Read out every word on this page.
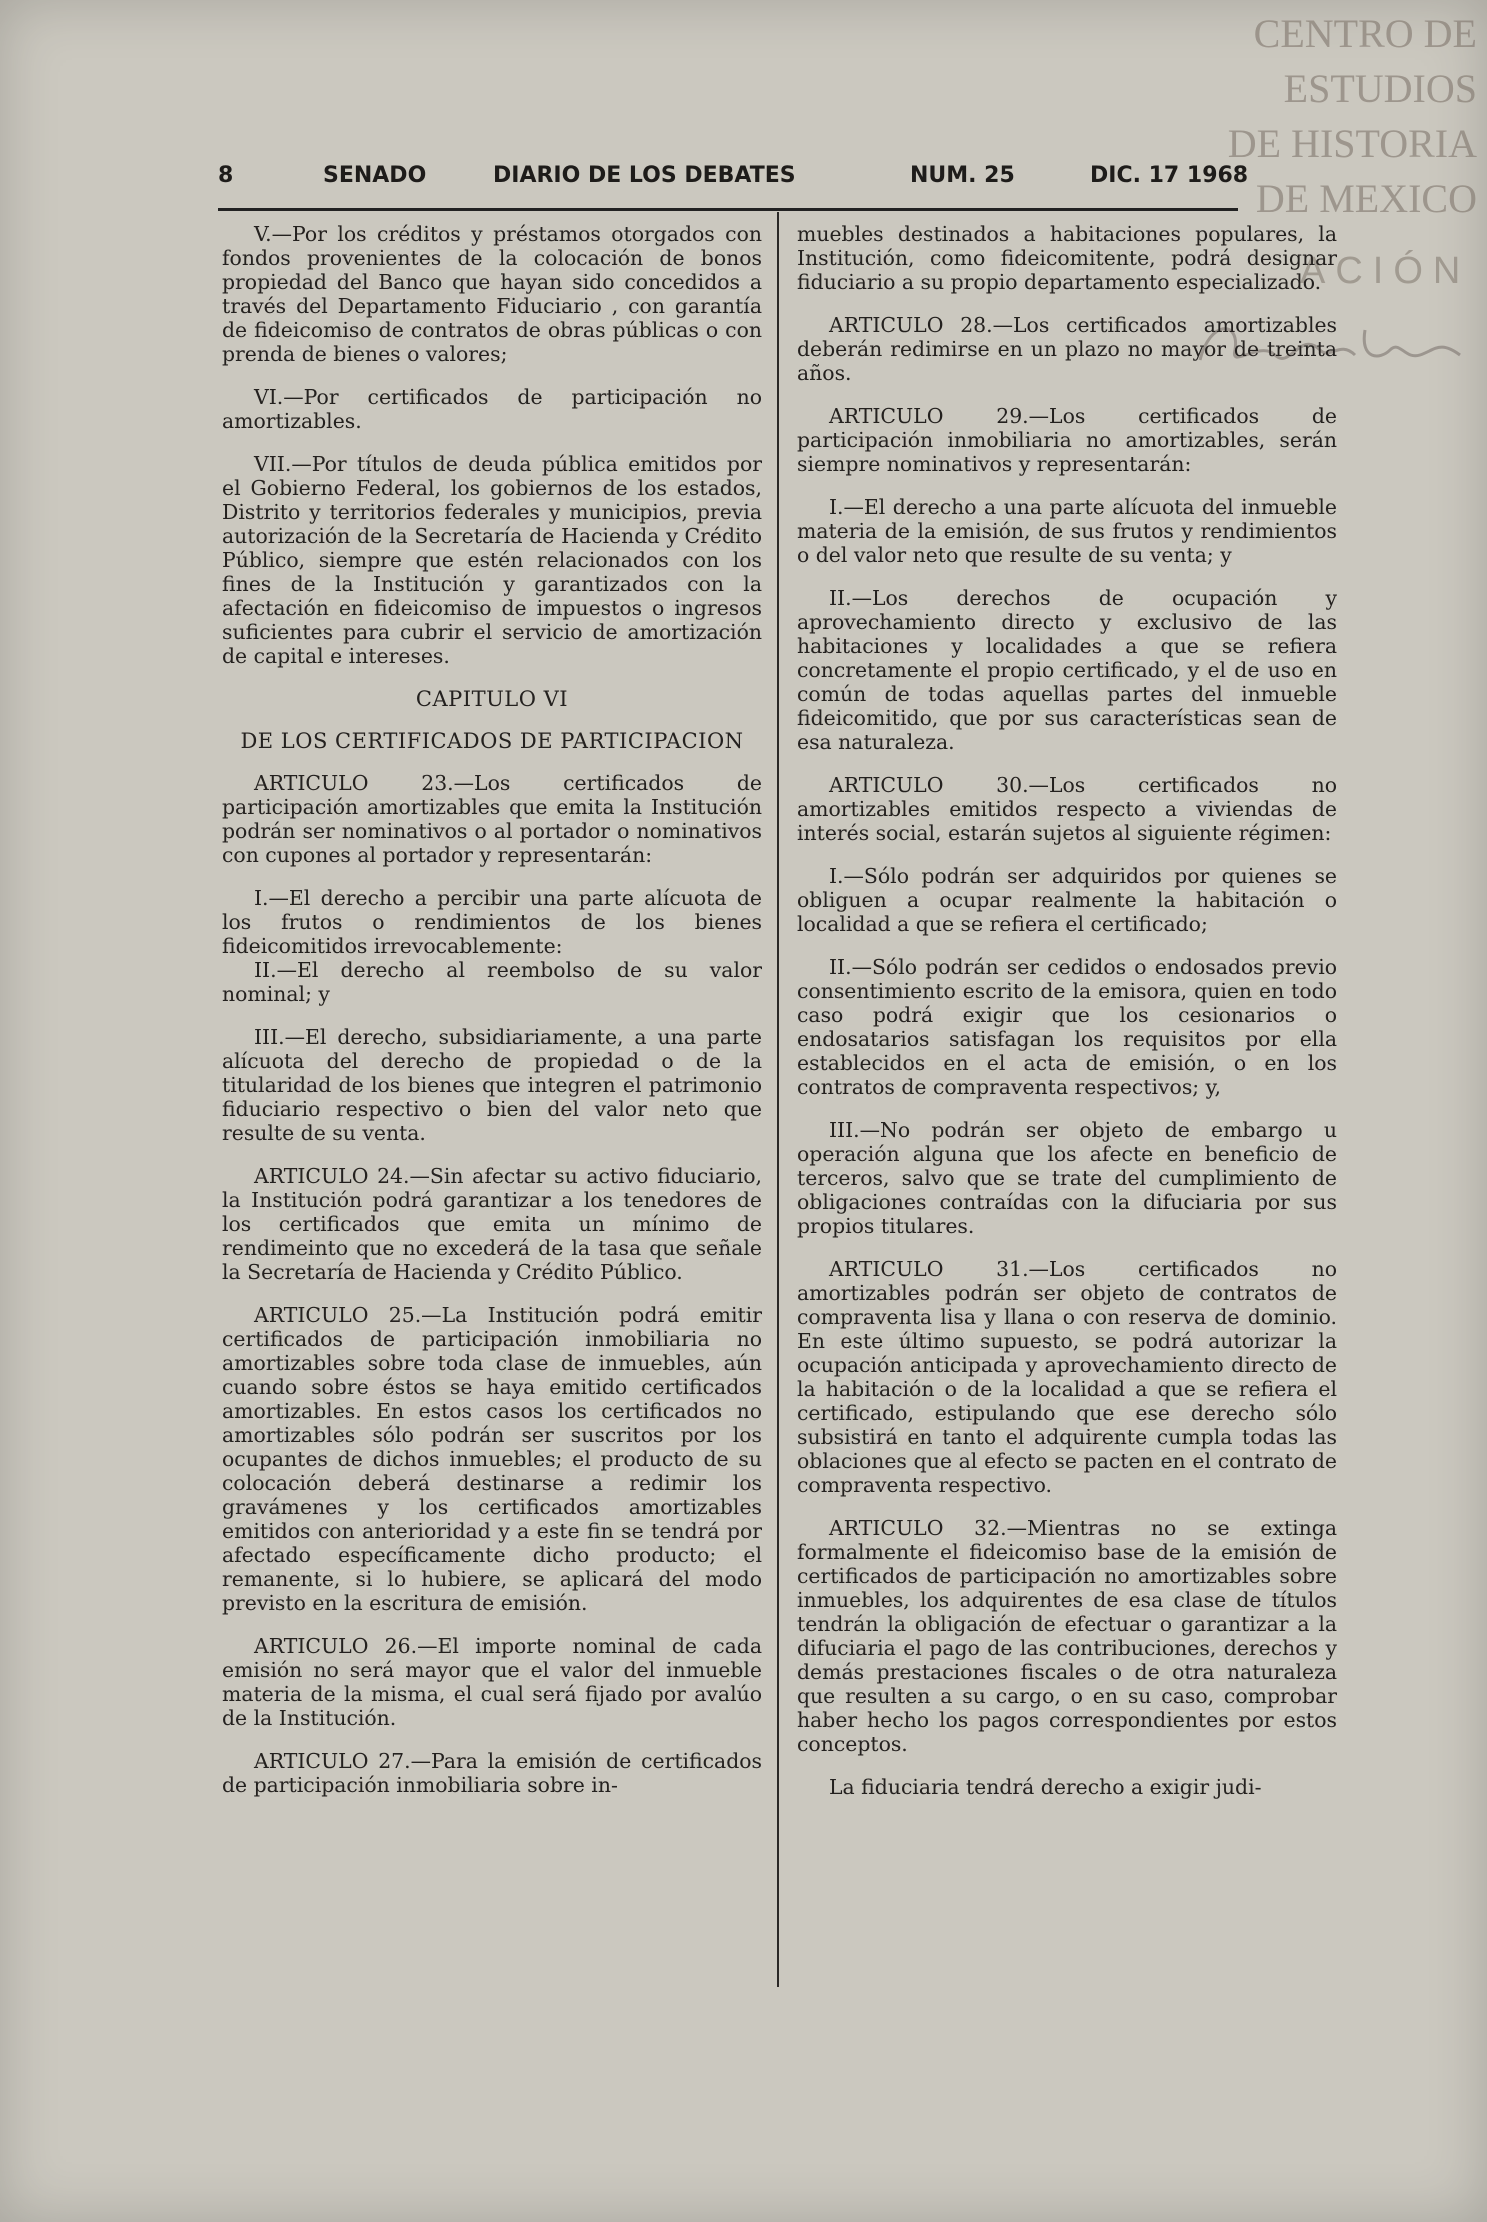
CENTRO DE
ESTUDIOS
DE HISTORIA
DE MEXICO
ACIÓN
8	SENADO	DIARIO DE LOS DEBATES	NUM. 25	DIC. 17 1968

V.—Por los créditos y préstamos otorgados con fondos provenientes de la colocación de bonos propiedad del Banco que hayan sido concedidos a través del Departamento Fiduciario , con garantía de fideicomiso de contratos de obras públicas o con prenda de bienes o valores;

VI.—Por certificados de participación no amortizables.

VII.—Por títulos de deuda pública emitidos por el Gobierno Federal, los gobiernos de los estados, Distrito y territorios federales y municipios, previa autorización de la Secretaría de Hacienda y Crédito Público, siempre que estén relacionados con los fines de la Institución y garantizados con la afectación en fideicomiso de impuestos o ingresos suficientes para cubrir el servicio de amortización de capital e intereses.

CAPITULO VI

DE LOS CERTIFICADOS DE PARTICIPACION

ARTICULO 23.—Los certificados de participación amortizables que emita la Institución podrán ser nominativos o al portador o nominativos con cupones al portador y representarán:

I.—El derecho a percibir una parte alícuota de los frutos o rendimientos de los bienes fideicomitidos irrevocablemente:

II.—El derecho al reembolso de su valor nominal; y

III.—El derecho, subsidiariamente, a una parte alícuota del derecho de propiedad o de la titularidad de los bienes que integren el patrimonio fiduciario respectivo o bien del valor neto que resulte de su venta.

ARTICULO 24.—Sin afectar su activo fiduciario, la Institución podrá garantizar a los tenedores de los certificados que emita un mínimo de rendimeinto que no excederá de la tasa que señale la Secretaría de Hacienda y Crédito Público.

ARTICULO 25.—La Institución podrá emitir certificados de participación inmobiliaria no amortizables sobre toda clase de inmuebles, aún cuando sobre éstos se haya emitido certificados amortizables. En estos casos los certificados no amortizables sólo podrán ser suscritos por los ocupantes de dichos inmuebles; el producto de su colocación deberá destinarse a redimir los gravámenes y los certificados amortizables emitidos con anterioridad y a este fin se tendrá por afectado específicamente dicho producto; el remanente, si lo hubiere, se aplicará del modo previsto en la escritura de emisión.

ARTICULO 26.—El importe nominal de cada emisión no será mayor que el valor del inmueble materia de la misma, el cual será fijado por avalúo de la Institución.

ARTICULO 27.—Para la emisión de certificados de participación inmobiliaria sobre in-

muebles destinados a habitaciones populares, la Institución, como fideicomitente, podrá designar fiduciario a su propio departamento especializado.

ARTICULO 28.—Los certificados amortizables deberán redimirse en un plazo no mayor de treinta años.

ARTICULO 29.—Los certificados de participación inmobiliaria no amortizables, serán siempre nominativos y representarán:

I.—El derecho a una parte alícuota del inmueble materia de la emisión, de sus frutos y rendimientos o del valor neto que resulte de su venta; y

II.—Los derechos de ocupación y aprovechamiento directo y exclusivo de las habitaciones y localidades a que se refiera concretamente el propio certificado, y el de uso en común de todas aquellas partes del inmueble fideicomitido, que por sus características sean de esa naturaleza.

ARTICULO 30.—Los certificados no amortizables emitidos respecto a viviendas de interés social, estarán sujetos al siguiente régimen:

I.—Sólo podrán ser adquiridos por quienes se obliguen a ocupar realmente la habitación o localidad a que se refiera el certificado;

II.—Sólo podrán ser cedidos o endosados previo consentimiento escrito de la emisora, quien en todo caso podrá exigir que los cesionarios o endosatarios satisfagan los requisitos por ella establecidos en el acta de emisión, o en los contratos de compraventa respectivos; y,

III.—No podrán ser objeto de embargo u operación alguna que los afecte en beneficio de terceros, salvo que se trate del cumplimiento de obligaciones contraídas con la difuciaria por sus propios titulares.

ARTICULO 31.—Los certificados no amortizables podrán ser objeto de contratos de compraventa lisa y llana o con reserva de dominio. En este último supuesto, se podrá autorizar la ocupación anticipada y aprovechamiento directo de la habitación o de la localidad a que se refiera el certificado, estipulando que ese derecho sólo subsistirá en tanto el adquirente cumpla todas las oblaciones que al efecto se pacten en el contrato de compraventa respectivo.

ARTICULO 32.—Mientras no se extinga formalmente el fideicomiso base de la emisión de certificados de participación no amortizables sobre inmuebles, los adquirentes de esa clase de títulos tendrán la obligación de efectuar o garantizar a la difuciaria el pago de las contribuciones, derechos y demás prestaciones fiscales o de otra naturaleza que resulten a su cargo, o en su caso, comprobar haber hecho los pagos correspondientes por estos conceptos.

La fiduciaria tendrá derecho a exigir judi-
